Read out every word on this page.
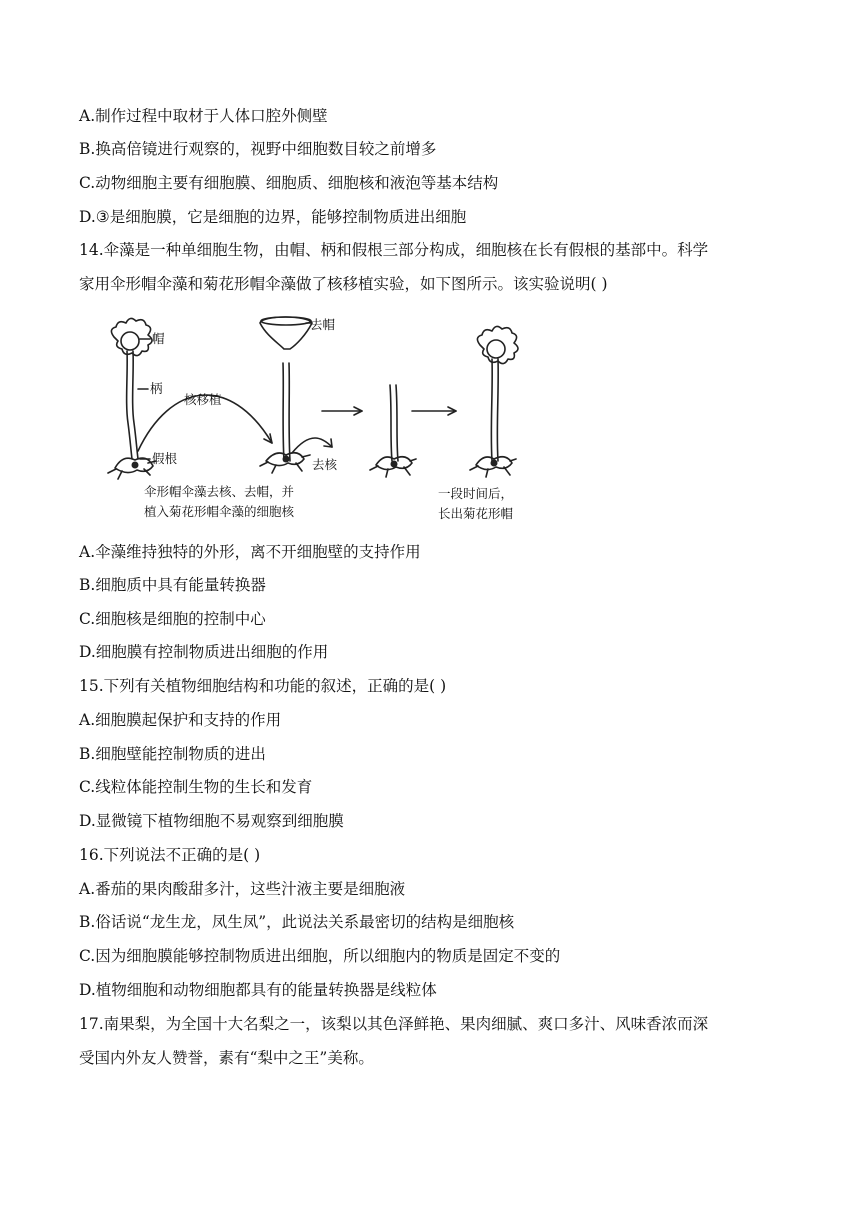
A.制作过程中取材于人体口腔外侧壁
B.换高倍镜进行观察的，视野中细胞数目较之前增多
C.动物细胞主要有细胞膜、细胞质、细胞核和液泡等基本结构
D.③是细胞膜，它是细胞的边界，能够控制物质进出细胞
14.伞藻是一种单细胞生物，由帽、柄和假根三部分构成，细胞核在长有假根的基部中。科学
家用伞形帽伞藻和菊花形帽伞藻做了核移植实验，如下图所示。该实验说明( )
帽
柄
假根
核移植
去帽
去核
伞形帽伞藻去核、去帽，并
植入菊花形帽伞藻的细胞核
一段时间后，
长出菊花形帽
A.伞藻维持独特的外形，离不开细胞壁的支持作用
B.细胞质中具有能量转换器
C.细胞核是细胞的控制中心
D.细胞膜有控制物质进出细胞的作用
15.下列有关植物细胞结构和功能的叙述，正确的是( )
A.细胞膜起保护和支持的作用
B.细胞壁能控制物质的进出
C.线粒体能控制生物的生长和发育
D.显微镜下植物细胞不易观察到细胞膜
16.下列说法不正确的是( )
A.番茄的果肉酸甜多汁，这些汁液主要是细胞液
B.俗话说“龙生龙，凤生凤”，此说法关系最密切的结构是细胞核
C.因为细胞膜能够控制物质进出细胞，所以细胞内的物质是固定不变的
D.植物细胞和动物细胞都具有的能量转换器是线粒体
17.南果梨，为全国十大名梨之一，该梨以其色泽鲜艳、果肉细腻、爽口多汁、风味香浓而深
受国内外友人赞誉，素有“梨中之王”美称。
